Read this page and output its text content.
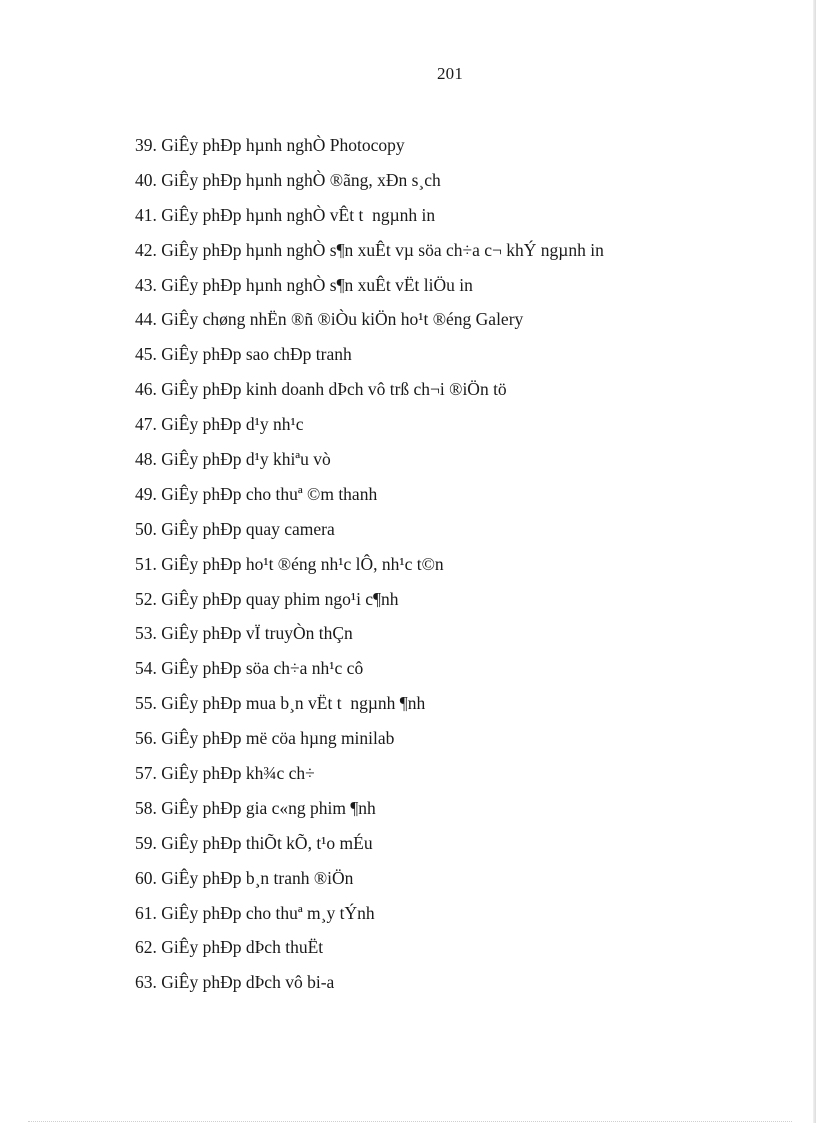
201
39. GiÊy phÐp hµnh nghÒ Photocopy
40. GiÊy phÐp hµnh nghÒ ®ãng, xÐn s¸ch
41. GiÊy phÐp hµnh nghÒ vÊt t  ngµnh in
42. GiÊy phÐp hµnh nghÒ s¶n xuÊt vµ söa ch÷a c¬ khÝ ngµnh in
43. GiÊy phÐp hµnh nghÒ s¶n xuÊt vËt liÖu in
44. GiÊy chøng nhËn ®ñ ®iÒu kiÖn ho¹t ®éng Galery
45. GiÊy phÐp sao chÐp tranh
46. GiÊy phÐp kinh doanh dÞch vô trß ch¬i ®iÖn tö
47. GiÊy phÐp d¹y nh¹c
48. GiÊy phÐp d¹y khiªu vò
49. GiÊy phÐp cho thuª ©m thanh
50. GiÊy phÐp quay camera
51. GiÊy phÐp ho¹t ®éng nh¹c lÔ, nh¹c t©n
52. GiÊy phÐp quay phim ngo¹i c¶nh
53. GiÊy phÐp vÏ truyÒn thÇn
54. GiÊy phÐp söa ch÷a nh¹c cô
55. GiÊy phÐp mua b¸n vËt t  ngµnh ¶nh
56. GiÊy phÐp më cöa hµng minilab
57. GiÊy phÐp kh¾c ch÷
58. GiÊy phÐp gia c«ng phim ¶nh
59. GiÊy phÐp thiÕt kÕ, t¹o mÉu
60. GiÊy phÐp b¸n tranh ®iÖn
61. GiÊy phÐp cho thuª m¸y tÝnh
62. GiÊy phÐp dÞch thuËt
63. GiÊy phÐp dÞch vô bi-a
